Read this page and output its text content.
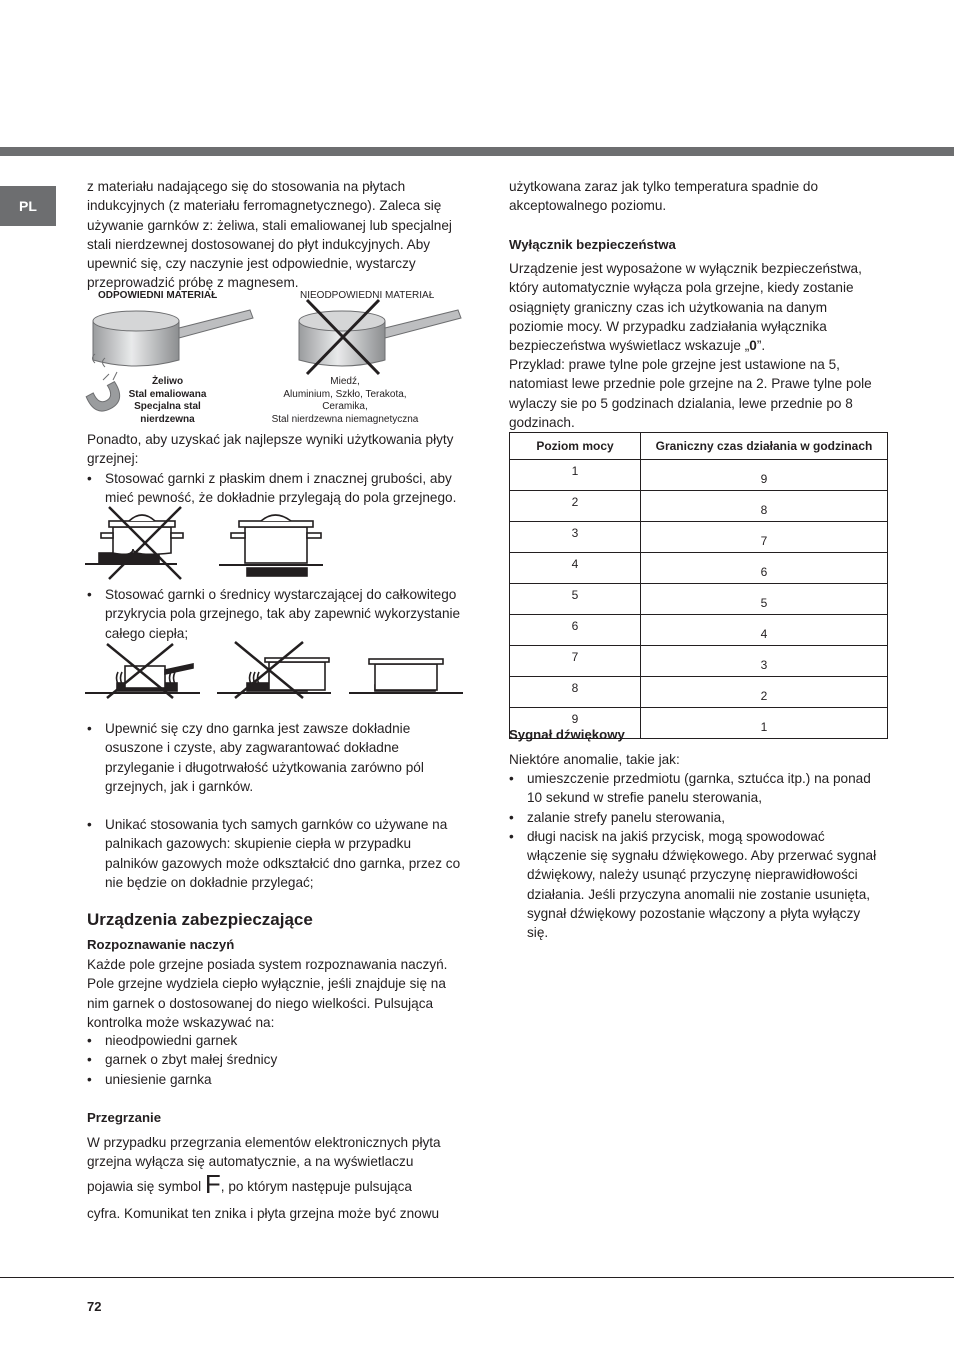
PL

z materiału nadającego się do stosowania na płytach indukcyjnych (z materiału ferromagnetycznego). Zaleca się używanie garnków z: żeliwa, stali emaliowanej lub specjalnej stali nierdzewnej dostosowanej do płyt indukcyjnych. Aby upewnić się, czy naczynie jest odpowiednie, wystarczy przeprowadzić próbę z magnesem.

ODPOWIEDNI MATERIAŁ	NIEODPOWIEDNI MATERIAŁ
Żeliwo
Stal emaliowana
Specjalna stal
nierdzewna
Miedź,
Aluminium, Szkło, Terakota,
Ceramika,
Stal nierdzewna niemagnetyczna

Ponadto, aby uzyskać jak najlepsze wyniki użytkowania płyty grzejnej:

• Stosować garnki z płaskim dnem i znacznej grubości, aby mieć pewność, że dokładnie przylegają do pola grzejnego.
• Stosować garnki o średnicy wystarczającej do całkowitego przykrycia pola grzejnego, tak aby zapewnić wykorzystanie całego ciepła;
• Upewnić się czy dno garnka jest zawsze dokładnie osuszone i czyste, aby zagwarantować dokładne przyleganie i długotrwałość użytkowania zarówno pól grzejnych, jak i garnków.
• Unikać stosowania tych samych garnków co używane na palnikach gazowych: skupienie ciepła w przypadku palników gazowych może odkształcić dno garnka, przez co nie będzie on dokładnie przylegać;
Urządzenia zabezpieczające
Rozpoznawanie naczyń

Każde pole grzejne posiada system rozpoznawania naczyń. Pole grzejne wydziela ciepło wyłącznie, jeśli znajduje się na nim garnek o dostosowanej do niego wielkości. Pulsująca kontrolka może wskazywać na:

• nieodpowiedni garnek
• garnek o zbyt małej średnicy
• uniesienie garnka
Przegrzanie

W przypadku przegrzania elementów elektronicznych płyta grzejna wyłącza się automatycznie, a na wyświetlaczu

pojawia się symbol F, po którym następuje pulsująca

cyfra. Komunikat ten znika i płyta grzejna może być znowu

użytkowana zaraz jak tylko temperatura spadnie do akceptowalnego poziomu.

Wyłącznik bezpieczeństwa

Urządzenie jest wyposażone w wyłącznik bezpieczeństwa, który automatycznie wyłącza pola grzejne, kiedy zostanie osiągnięty graniczny czas ich użytkowania na danym poziomie mocy. W przypadku zadziałania wyłącznika bezpieczeństwa wyświetlacz wskazuje „0”.

Przyklad: prawe tylne pole grzejne jest ustawione na 5, natomiast lewe przednie pole grzejne na 2. Prawe tylne pole wylaczy sie po 5 godzinach dzialania, lewe przednie po 8 godzinach.

Poziom mocy	Graniczny czas działania w godzinach
1	9
2	8
3	7
4	6
5	5
6	4
7	3
8	2
9	1
Sygnał dźwiękowy

Niektóre anomalie, takie jak:

• umieszczenie przedmiotu (garnka, sztućca itp.) na ponad 10 sekund w strefie panelu sterowania,
• zalanie strefy panelu sterowania,
• długi nacisk na jakiś przycisk, mogą spowodować włączenie się sygnału dźwiękowego. Aby przerwać sygnał dźwiękowy, należy usunąć przyczynę nieprawidłowości działania. Jeśli przyczyna anomalii nie zostanie usunięta, sygnał dźwiękowy pozostanie włączony a płyta wyłączy się.
72
